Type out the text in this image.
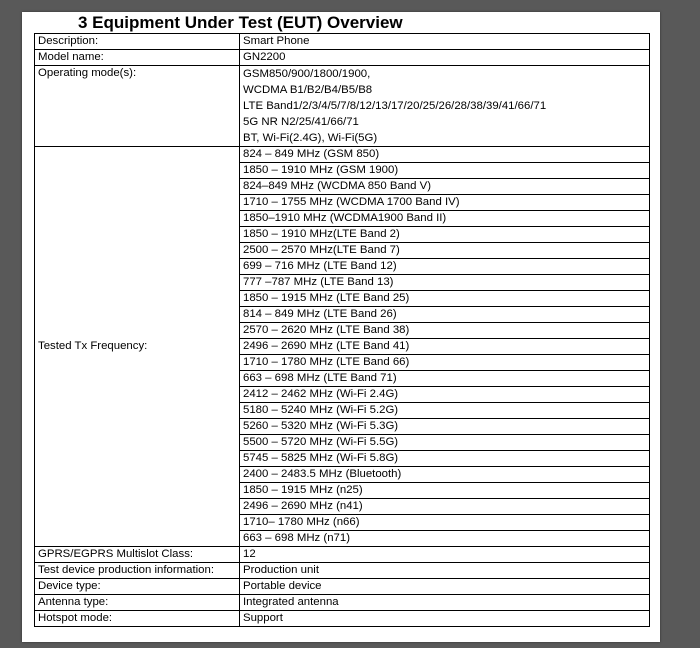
3 Equipment Under Test (EUT) Overview
Description:	Smart Phone
Model name:	GN2200
Operating mode(s):	GSM850/900/1800/1900,
WCDMA B1/B2/B4/B5/B8
LTE Band1/2/3/4/5/7/8/12/13/17/20/25/26/28/38/39/41/66/71
5G NR N2/25/41/66/71
BT, Wi-Fi(2.4G), Wi-Fi(5G)

Tested Tx Frequency:	824 – 849 MHz (GSM 850)
	1850 – 1910 MHz (GSM 1900)
	824–849 MHz (WCDMA 850 Band V)
	1710 – 1755 MHz (WCDMA 1700 Band IV)
	1850–1910 MHz (WCDMA1900 Band II)
	1850 – 1910 MHz(LTE Band 2)
	2500 – 2570 MHz(LTE Band 7)
	699 – 716 MHz (LTE Band 12)
	777 –787 MHz (LTE Band 13)
	1850 – 1915 MHz (LTE Band 25)
	814 – 849 MHz (LTE Band 26)
	2570 – 2620 MHz (LTE Band 38)
	2496 – 2690 MHz (LTE Band 41)
	1710 – 1780 MHz (LTE Band 66)
	663 – 698 MHz (LTE Band 71)
	2412 – 2462 MHz (Wi-Fi 2.4G)
	5180 – 5240 MHz (Wi-Fi 5.2G)
	5260 – 5320 MHz (Wi-Fi 5.3G)
	5500 – 5720 MHz (Wi-Fi 5.5G)
	5745 – 5825 MHz (Wi-Fi 5.8G)
	2400 – 2483.5 MHz (Bluetooth)
	1850 – 1915 MHz (n25)
	2496 – 2690 MHz (n41)
	1710– 1780 MHz (n66)
	663 – 698 MHz (n71)
GPRS/EGPRS Multislot Class:	12
Test device production information:	Production unit
Device type:	Portable device
Antenna type:	Integrated antenna
Hotspot mode:	Support
